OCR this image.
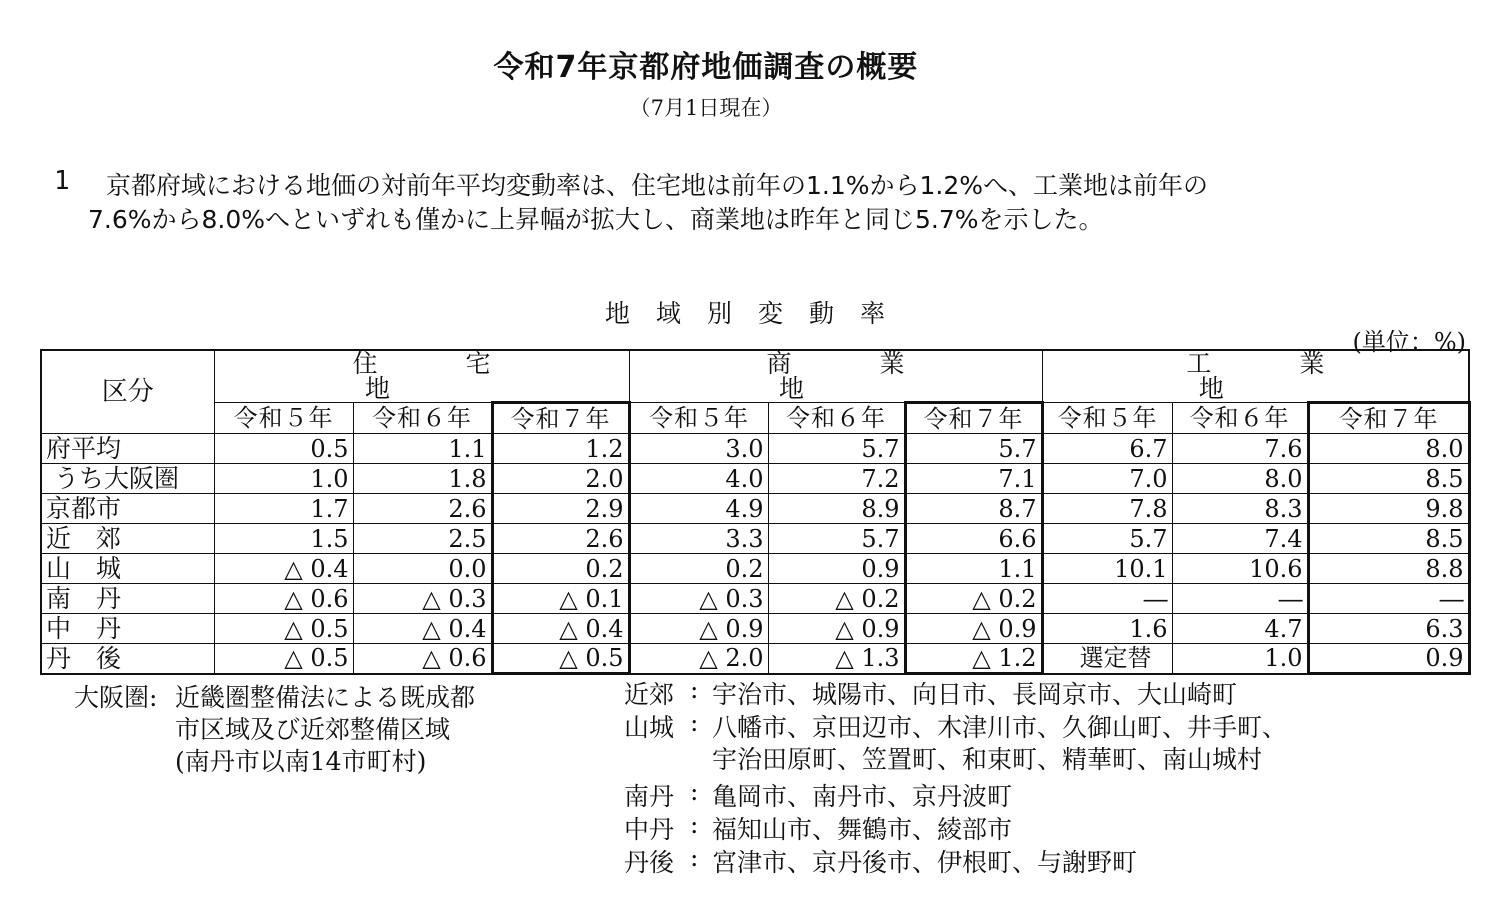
令和7年京都府地価調査の概要
（7月1日現在）
1 京都府域における地価の対前年平均変動率は、住宅地は前年の1.1%から1.2%へ、工業地は前年の
7.6%から8.0%へといずれも僅かに上昇幅が拡大し、商業地は昨年と同じ5.7%を示した。
地 域 別 変 動 率
(単位：%)
区分	住宅地			商業地			工業地		
	令和５年	令和６年	令和７年	令和５年	令和６年	令和７年	令和５年	令和６年	令和７年
府平均	0.5	1.1	1.2	3.0	5.7	5.7	6.7	7.6	8.0
うち大阪圏	1.0	1.8	2.0	4.0	7.2	7.1	7.0	8.0	8.5
京都市	1.7	2.6	2.9	4.9	8.9	8.7	7.8	8.3	9.8
近　郊	1.5	2.5	2.6	3.3	5.7	6.6	5.7	7.4	8.5
山　城	△ 0.4	0.0	0.2	0.2	0.9	1.1	10.1	10.6	8.8
南　丹	△ 0.6	△ 0.3	△ 0.1	△ 0.3	△ 0.2	△ 0.2	―	―	―
中　丹	△ 0.5	△ 0.4	△ 0.4	△ 0.9	△ 0.9	△ 0.9	1.6	4.7	6.3
丹　後	△ 0.5	△ 0.6	△ 0.5	△ 2.0	△ 1.3	△ 1.2	選定替	1.0	0.9
大阪圏: 近畿圏整備法による既成都
市区域及び近郊整備区域
(南丹市以南14市町村)
近郊 : 宇治市、城陽市、向日市、長岡京市、大山崎町
山城 : 八幡市、京田辺市、木津川市、久御山町、井手町、
宇治田原町、笠置町、和束町、精華町、南山城村
南丹 : 亀岡市、南丹市、京丹波町
中丹 : 福知山市、舞鶴市、綾部市
丹後 : 宮津市、京丹後市、伊根町、与謝野町
